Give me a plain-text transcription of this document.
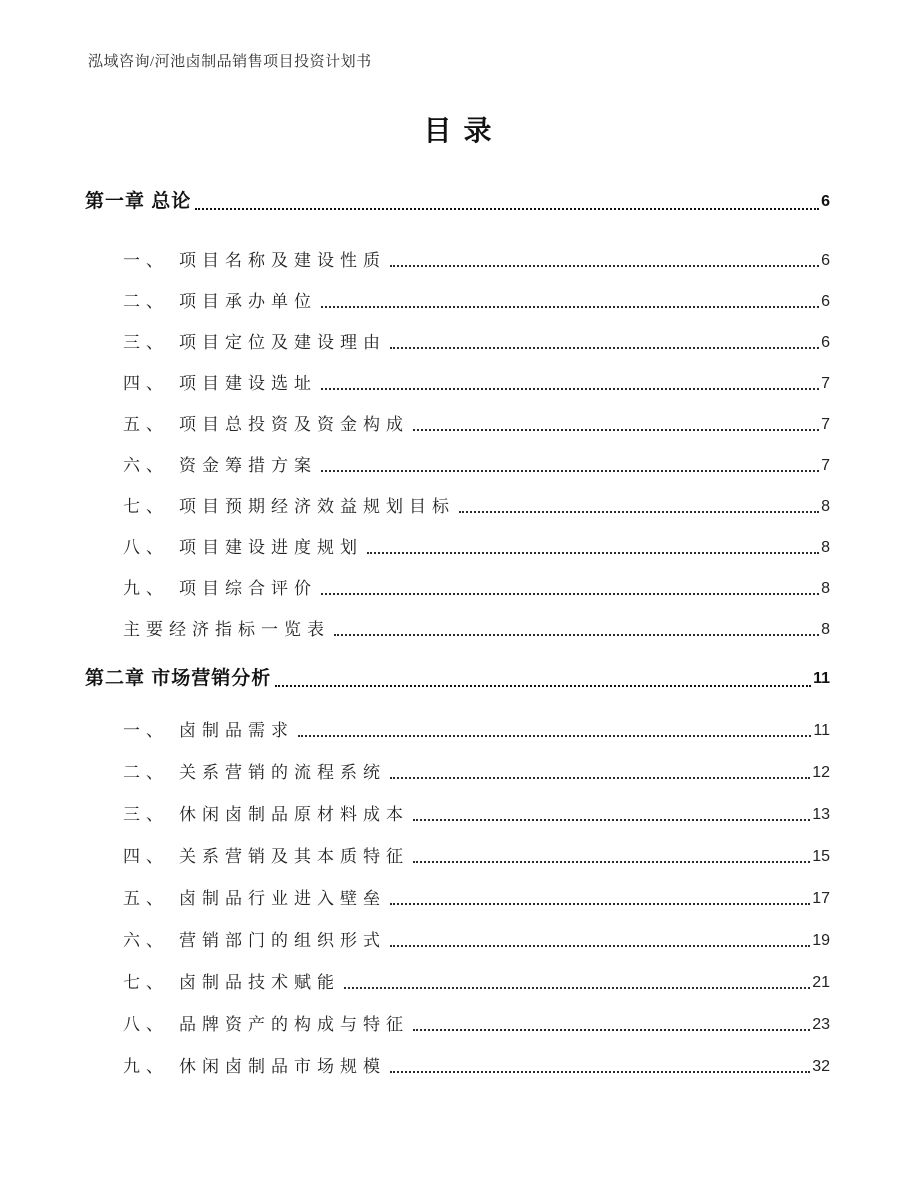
泓域咨询/河池卤制品销售项目投资计划书
目录
第一章 总论	6
一、 项目名称及建设性质	6
二、 项目承办单位	6
三、 项目定位及建设理由	6
四、 项目建设选址	7
五、 项目总投资及资金构成	7
六、 资金筹措方案	7
七、 项目预期经济效益规划目标	8
八、 项目建设进度规划	8
九、 项目综合评价	8
主要经济指标一览表	8
第二章 市场营销分析	11
一、 卤制品需求	11
二、 关系营销的流程系统	12
三、 休闲卤制品原材料成本	13
四、 关系营销及其本质特征	15
五、 卤制品行业进入壁垒	17
六、 营销部门的组织形式	19
七、 卤制品技术赋能	21
八、 品牌资产的构成与特征	23
九、 休闲卤制品市场规模	32
